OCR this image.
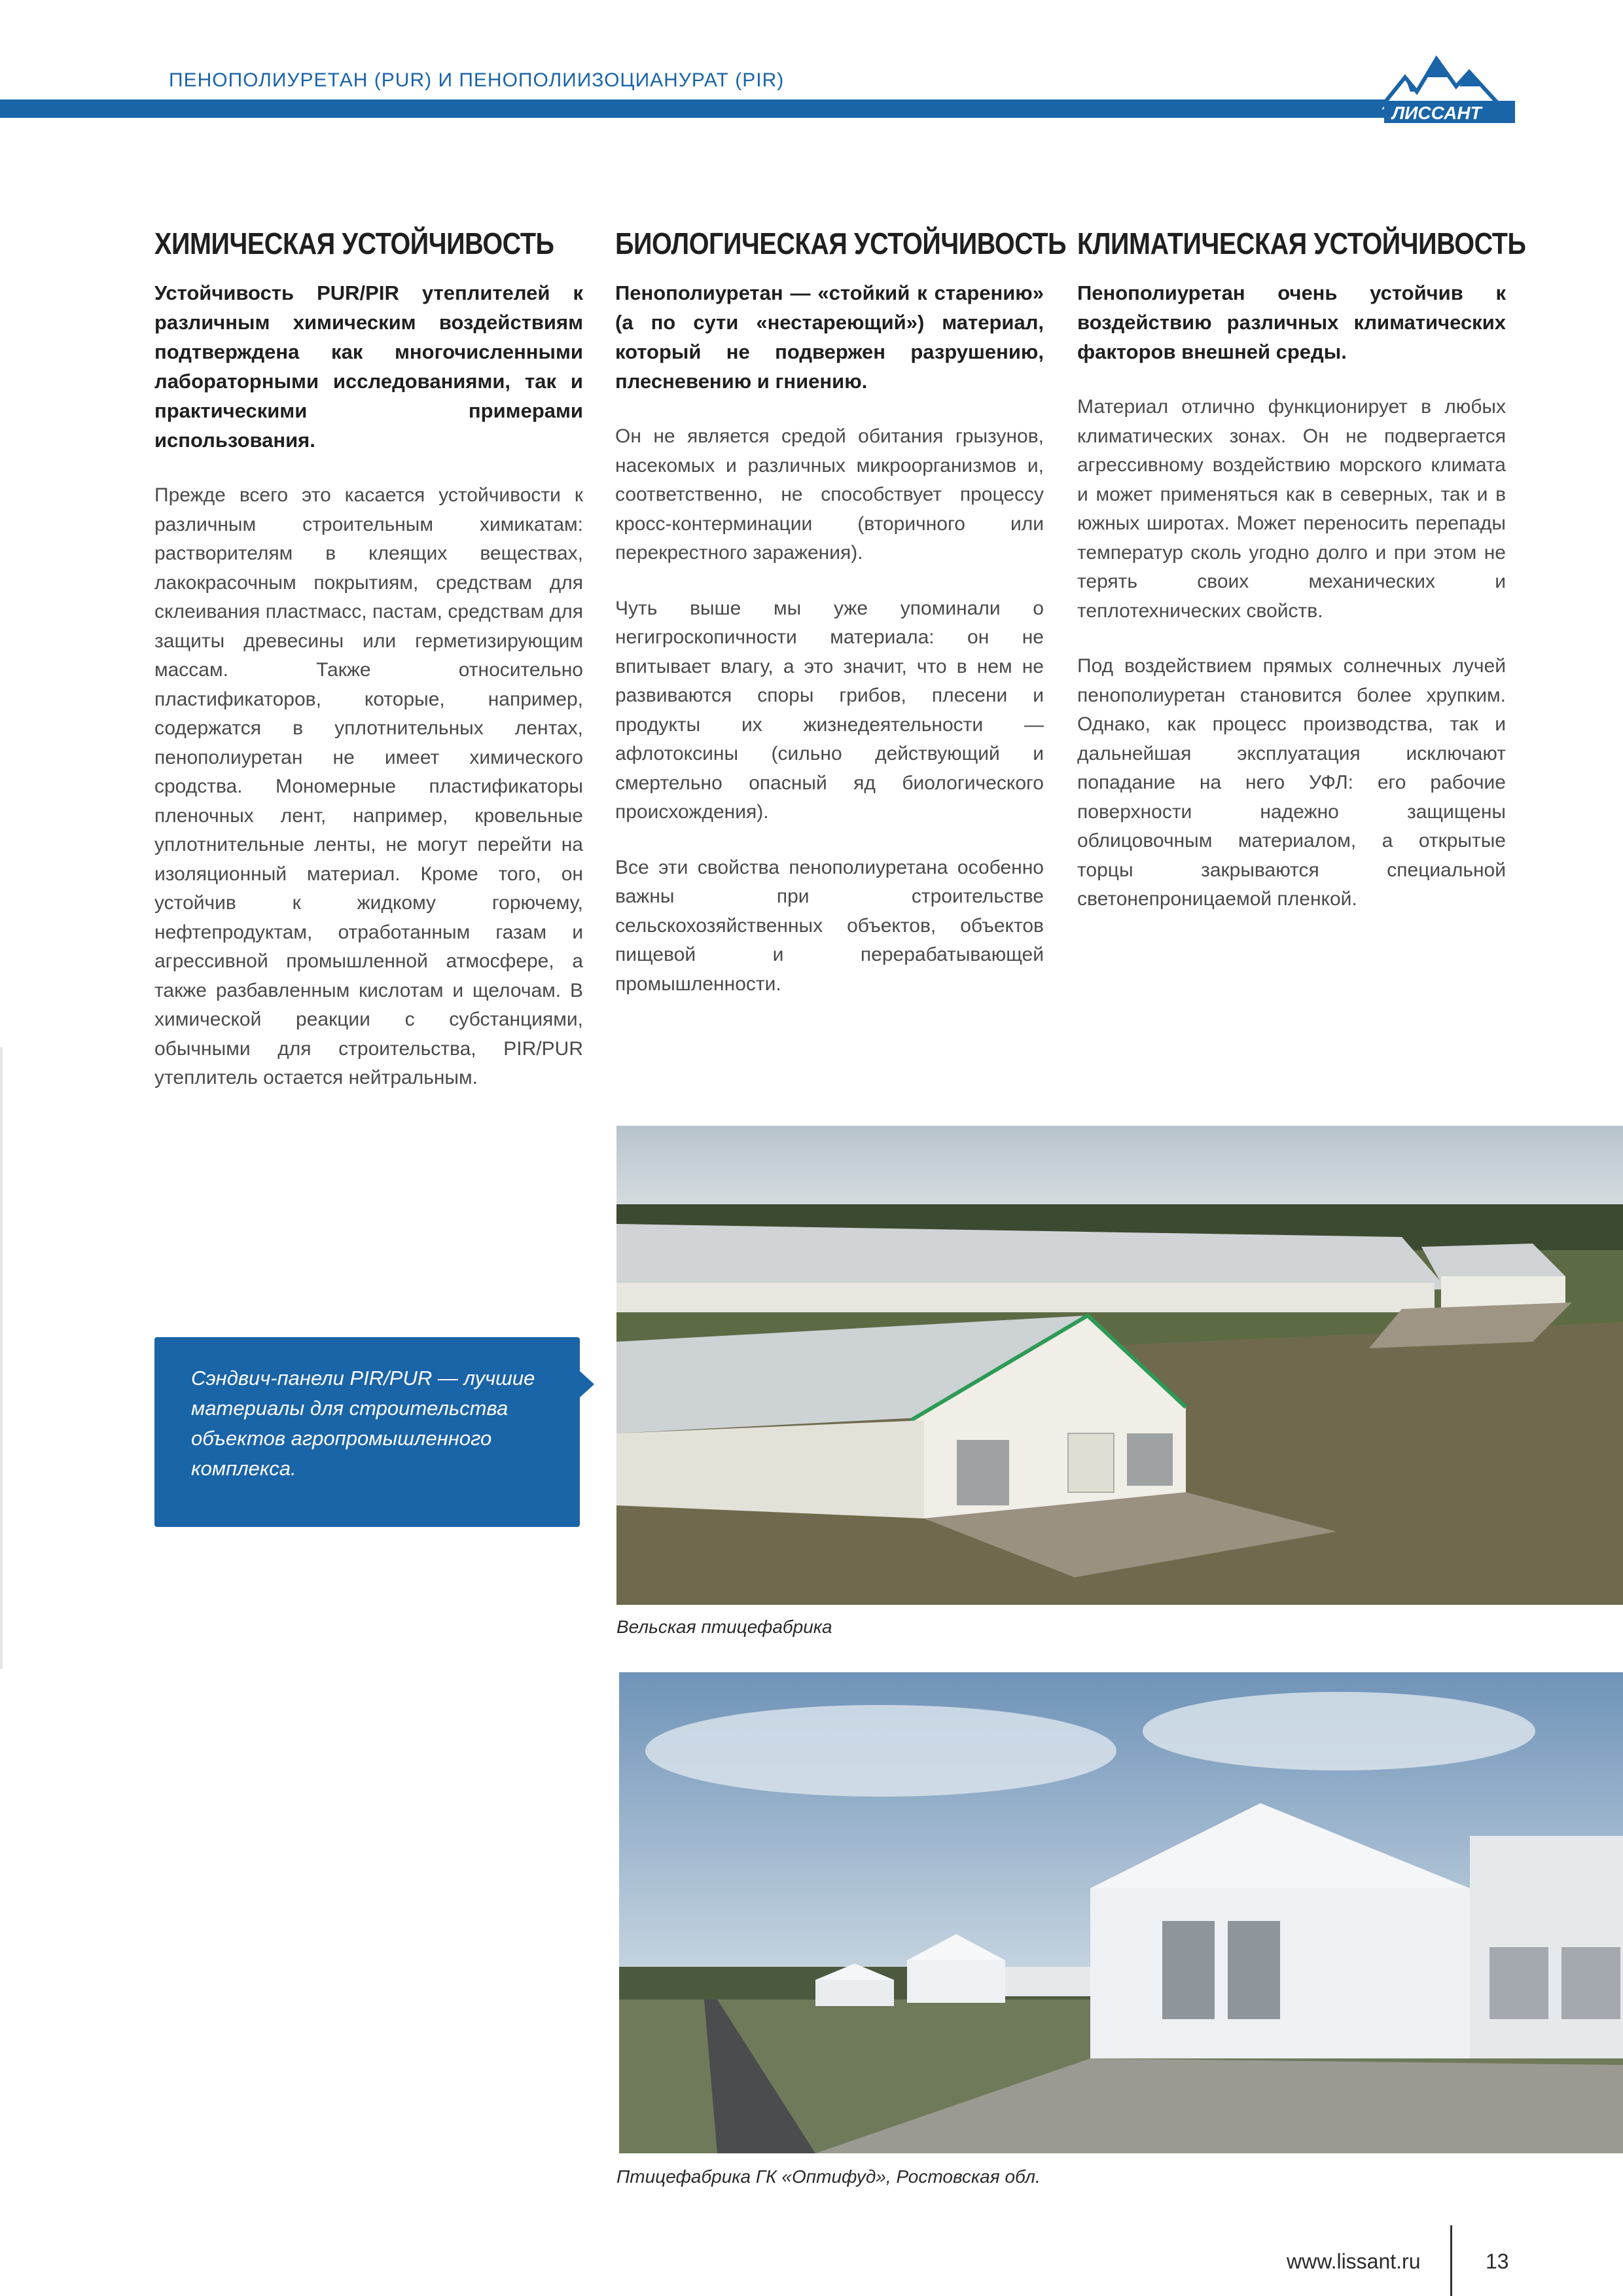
ПЕНОПОЛИУРЕТАН (PUR) И ПЕНОПОЛИИЗОЦИАНУРАТ (PIR)
ЛИССАНТ
ХИМИЧЕСКАЯ УСТОЙЧИВОСТЬ

Устойчивость PUR/PIR утеплителей к различным химическим воздействиям подтверждена как многочисленными лабораторными исследованиями, так и практическими примерами использования.

Прежде всего это касается устойчивости к различным строительным химикатам: растворителям в клеящих веществах, лакокрасочным покрытиям, средствам для склеивания пластмасс, пастам, средствам для защиты древесины или герметизирующим массам. Также относительно пластификаторов, которые, например, содержатся в уплотнительных лентах, пенополиуретан не имеет химического сродства. Мономерные пластификаторы пленочных лент, например, кровельные уплотнительные ленты, не могут перейти на изоляционный материал. Кроме того, он устойчив к жидкому горючему, нефтепродуктам, отработанным газам и агрессивной промышленной атмосфере, а также разбавленным кислотам и щелочам. В химической реакции с субстанциями, обычными для строительства, PIR/PUR утеплитель остается нейтральным.

БИОЛОГИЧЕСКАЯ УСТОЙЧИВОСТЬ

Пенополиуретан — «стойкий к старению» (а по сути «нестареющий») материал, который не подвержен разрушению, плесневению и гниению.

Он не является средой обитания грызунов, насекомых и различных микроорганизмов и, соответственно, не способствует процессу кросс-контерминации (вторичного или перекрестного заражения).

Чуть выше мы уже упоминали о негигроскопичности материала: он не впитывает влагу, а это значит, что в нем не развиваются споры грибов, плесени и продукты их жизнедеятельности — афлотоксины (сильно действующий и смертельно опасный яд биологического происхождения).

Все эти свойства пенополиуретана особенно важны при строительстве сельскохозяйственных объектов, объектов пищевой и перерабатывающей промышленности.

КЛИМАТИЧЕСКАЯ УСТОЙЧИВОСТЬ

Пенополиуретан очень устойчив к воздействию различных климатических факторов внешней среды.

Материал отлично функционирует в любых климатических зонах. Он не подвергается агрессивному воздействию морского климата и может применяться как в северных, так и в южных широтах. Может переносить перепады температур сколь угодно долго и при этом не терять своих механических и теплотехнических свойств.

Под воздействием прямых солнечных лучей пенополиуретан становится более хрупким. Однако, как процесс производства, так и дальнейшая эксплуатация исключают попадание на него УФЛ: его рабочие поверхности надежно защищены облицовочным материалом, а открытые торцы закрываются специальной светонепроницаемой пленкой.

Сэндвич-панели PIR/PUR — лучшие материалы для строительства объектов агропромышленного комплекса.
Вельская птицефабрика
Птицефабрика ГК «Оптифуд», Ростовская обл.
www.lissant.ru	13
